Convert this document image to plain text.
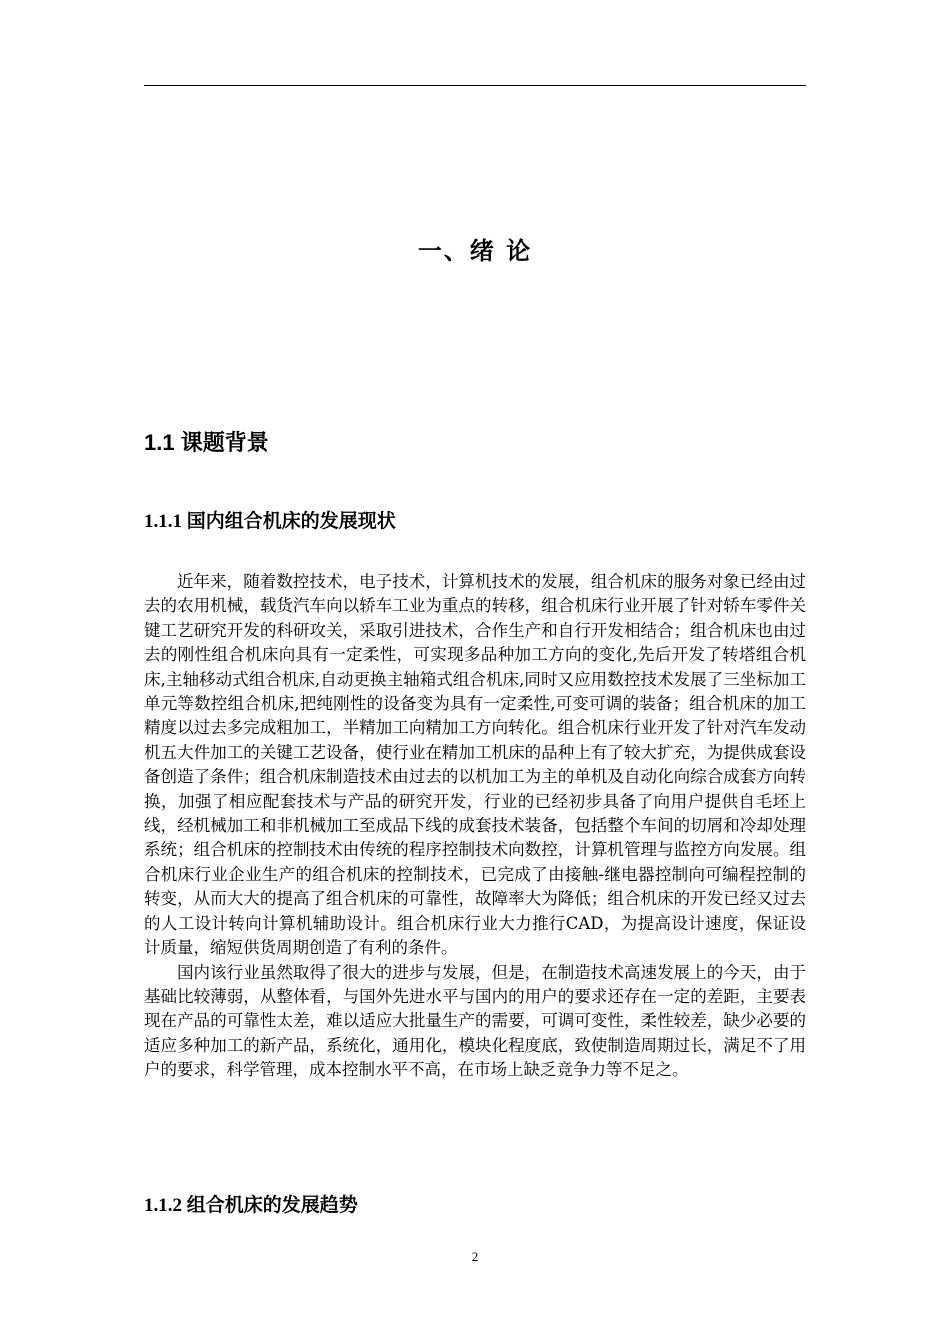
一、绪 论
1.1 课题背景
1.1.1 国内组合机床的发展现状

近年来，随着数控技术，电子技术，计算机技术的发展，组合机床的服务对象已经由过去的农用机械，载货汽车向以轿车工业为重点的转移，组合机床行业开展了针对轿车零件关键工艺研究开发的科研攻关，采取引进技术，合作生产和自行开发相结合；组合机床也由过去的刚性组合机床向具有一定柔性，可实现多品种加工方向的变化,先后开发了转塔组合机床,主轴移动式组合机床,自动更换主轴箱式组合机床,同时又应用数控技术发展了三坐标加工单元等数控组合机床,把纯刚性的设备变为具有一定柔性,可变可调的装备；组合机床的加工精度以过去多完成粗加工，半精加工向精加工方向转化。组合机床行业开发了针对汽车发动机五大件加工的关键工艺设备，使行业在精加工机床的品种上有了较大扩充，为提供成套设备创造了条件；组合机床制造技术由过去的以机加工为主的单机及自动化向综合成套方向转换，加强了相应配套技术与产品的研究开发，行业的已经初步具备了向用户提供自毛坯上线，经机械加工和非机械加工至成品下线的成套技术装备，包括整个车间的切屑和冷却处理系统；组合机床的控制技术由传统的程序控制技术向数控，计算机管理与监控方向发展。组合机床行业企业生产的组合机床的控制技术，已完成了由接触-继电器控制向可编程控制的转变，从而大大的提高了组合机床的可靠性，故障率大为降低；组合机床的开发已经又过去的人工设计转向计算机辅助设计。组合机床行业大力推行CAD，为提高设计速度，保证设计质量，缩短供货周期创造了有利的条件。

国内该行业虽然取得了很大的进步与发展，但是，在制造技术高速发展上的今天，由于基础比较薄弱，从整体看，与国外先进水平与国内的用户的要求还存在一定的差距，主要表现在产品的可靠性太差，难以适应大批量生产的需要，可调可变性，柔性较差，缺少必要的适应多种加工的新产品，系统化，通用化，模块化程度底，致使制造周期过长，满足不了用户的要求，科学管理，成本控制水平不高，在市场上缺乏竞争力等不足之。

1.1.2 组合机床的发展趋势
2
